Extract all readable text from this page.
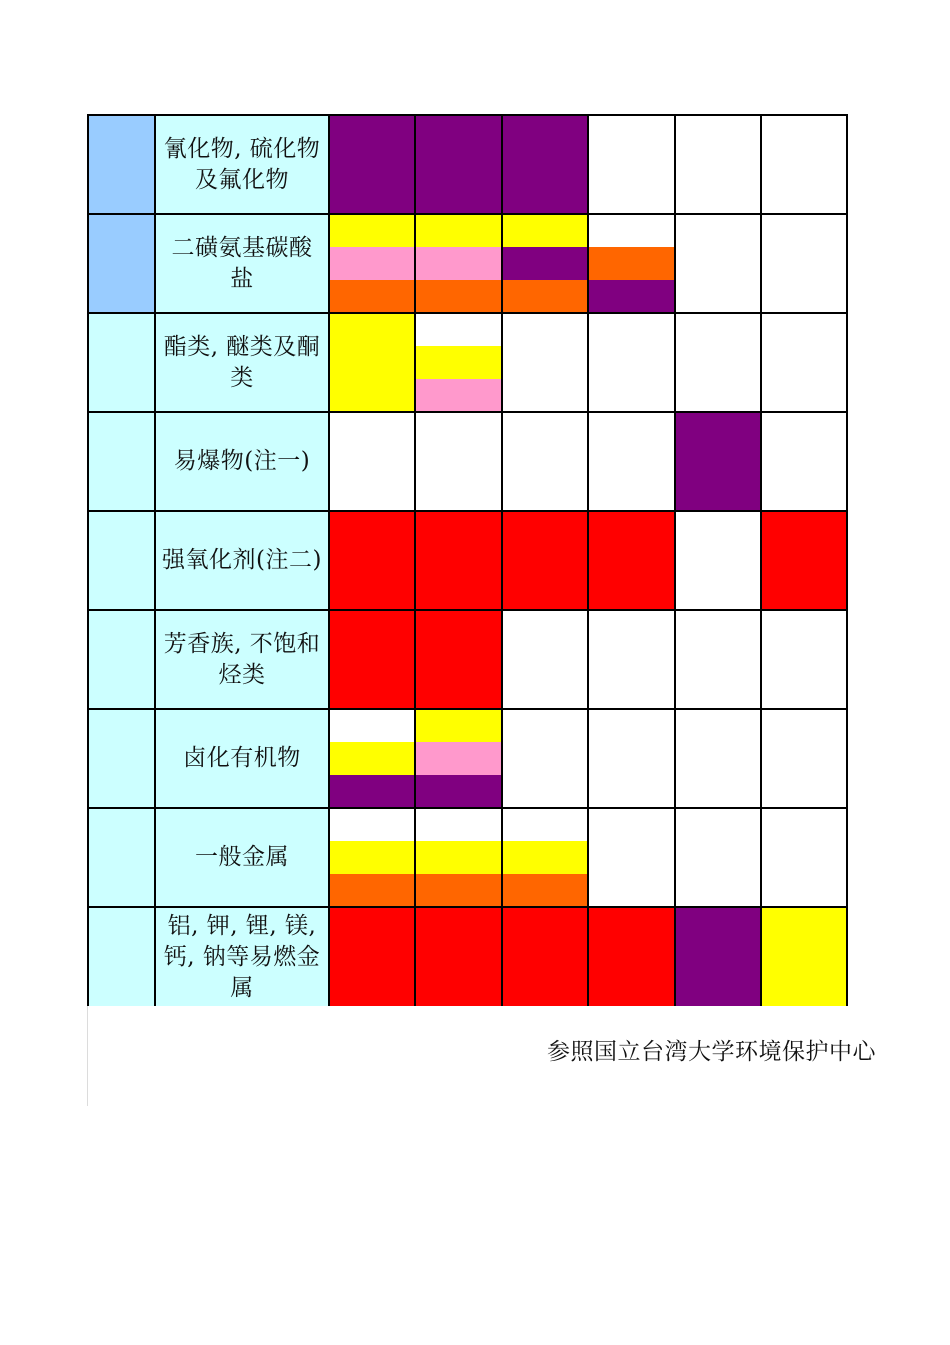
氰化物, 硫化物及氟化物
二磺氨基碳酸盐
酯类, 醚类及酮类
易爆物(注一)
强氧化剂(注二)
芳香族, 不饱和烃类
卤化有机物
一般金属
铝, 钾, 锂, 镁, 钙, 钠等易燃金属
参照国立台湾大学环境保护中心
